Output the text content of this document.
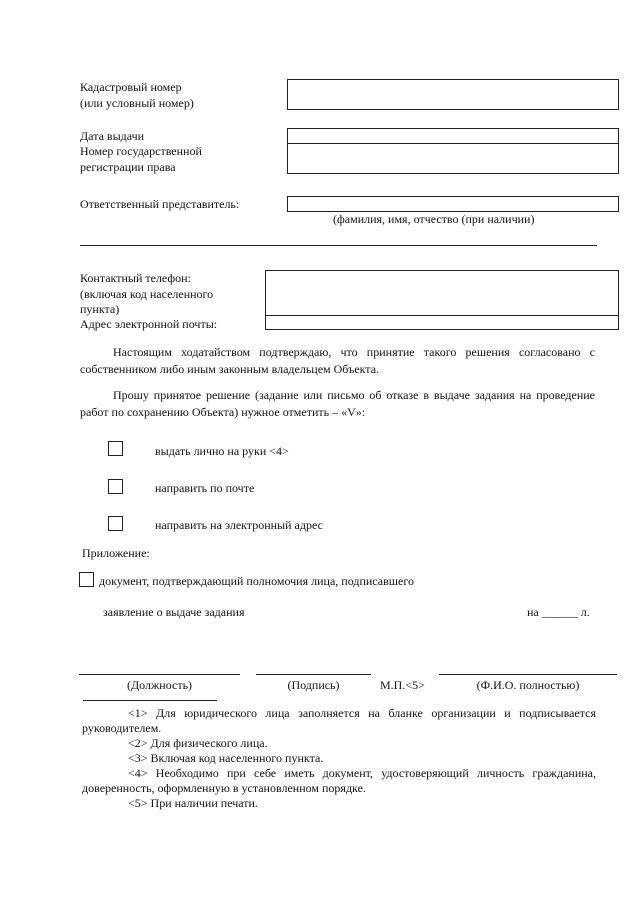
Кадастровый номер
(или условный номер)
Дата выдачи
Номер государственной
регистрации права
Ответственный представитель:
(фамилия, имя, отчество (при наличии)
Контактный телефон:
(включая код населенного
пункта)
Адрес электронной почты:
Настоящим ходатайством подтверждаю, что принятие такого решения согласовано с собственником либо иным законным владельцем Объекта.
Прошу принятое решение (задание или письмо об отказе в выдаче задания на проведение работ по сохранению Объекта) нужное отметить – «V»:
выдать лично на руки <4>
направить по почте
направить на электронный адрес
Приложение:
документ, подтверждающий полномочия лица, подписавшего
заявление о выдаче задания	на ______ л.
(Должность)	(Подпись)	М.П.<5>	(Ф.И.О. полностью)
<1> Для юридического лица заполняется на бланке организации и подписывается руководителем.
<2> Для физического лица.
<3> Включая код населенного пункта.
<4> Необходимо при себе иметь документ, удостоверяющий личность гражданина, доверенность, оформленную в установленном порядке.
<5> При наличии печати.
